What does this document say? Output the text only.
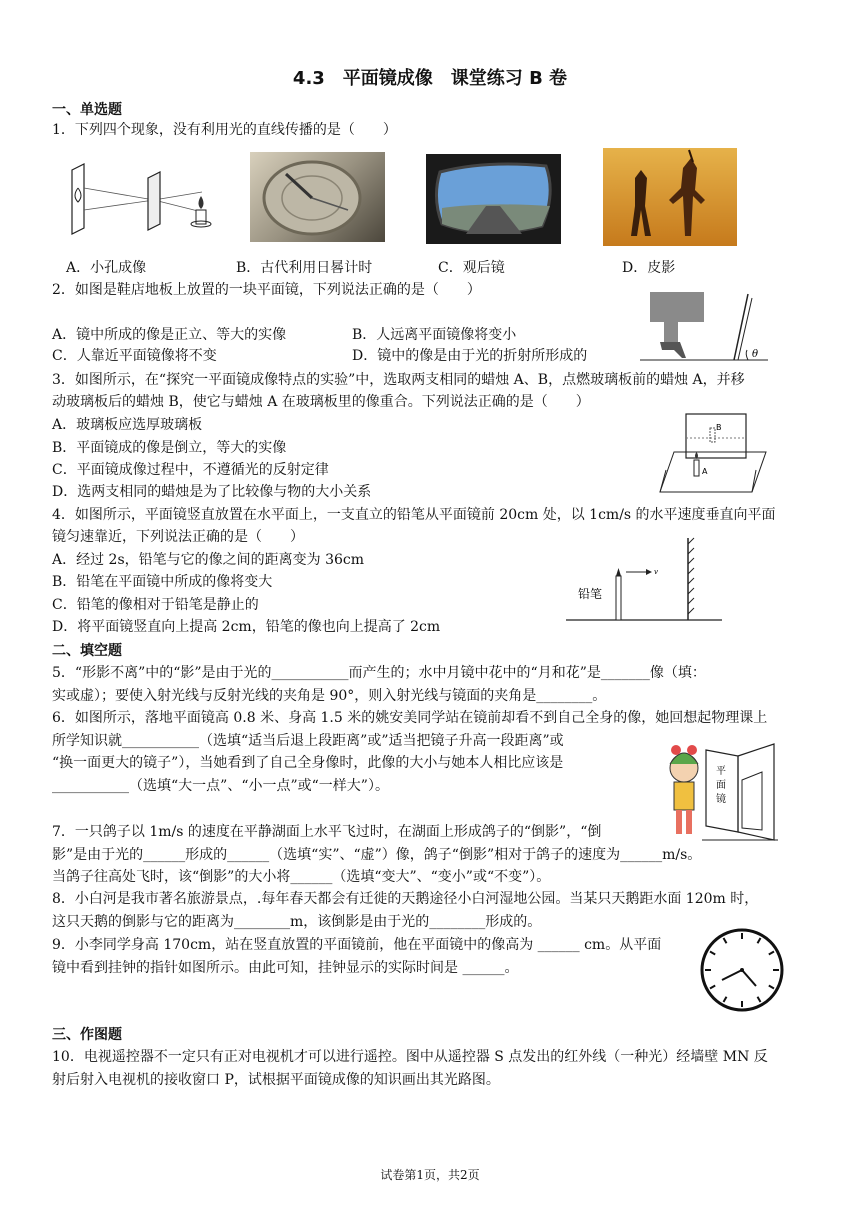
4.3　平面镜成像　课堂练习 B 卷
一、单选题
1．下列四个现象，没有利用光的直线传播的是（　　）
A．小孔成像	B．古代利用日晷计时	C．观后镜	D．皮影
2．如图是鞋店地板上放置的一块平面镜，下列说法正确的是（　　）
A．镜中所成的像是正立、等大的实像	B．人远离平面镜像将变小
C．人靠近平面镜像将不变	D．镜中的像是由于光的折射所形成的	θ
3．如图所示，在“探究一平面镜成像特点的实验”中，选取两支相同的蜡烛 A、B，点燃玻璃板前的蜡烛 A，并移
动玻璃板后的蜡烛 B，使它与蜡烛 A 在玻璃板里的像重合。下列说法正确的是（　　）
A．玻璃板应选厚玻璃板
B．平面镜成的像是倒立，等大的实像
C．平面镜成像过程中，不遵循光的反射定律
D．选两支相同的蜡烛是为了比较像与物的大小关系
B
A
4．如图所示，平面镜竖直放置在水平面上，一支直立的铅笔从平面镜前 20cm 处，以 1cm/s 的水平速度垂直向平面
镜匀速靠近，下列说法正确的是（　　）
A．经过 2s，铅笔与它的像之间的距离变为 36cm
B．铅笔在平面镜中所成的像将变大
C．铅笔的像相对于铅笔是静止的
D．将平面镜竖直向上提高 2cm，铅笔的像也向上提高了 2cm
v
铅笔
二、填空题
5．“形影不离”中的“影”是由于光的___________而产生的；水中月镜中花中的“月和花”是_______像（填：
实或虚）；要使入射光线与反射光线的夹角是 90°，则入射光线与镜面的夹角是________。
6．如图所示，落地平面镜高 0.8 米、身高 1.5 米的姚安美同学站在镜前却看不到自己全身的像，她回想起物理课上
所学知识就___________（选填“适当后退上段距离”或”适当把镜子升高一段距离”或
“换一面更大的镜子”），当她看到了自己全身像时，此像的大小与她本人相比应该是
___________（选填“大一点”、“小一点”或“一样大”）。
平
面
镜
7．一只鸽子以 1m/s 的速度在平静湖面上水平飞过时，在湖面上形成鸽子的“倒影”，“倒
影”是由于光的______形成的______（选填“实”、“虚”）像，鸽子“倒影”相对于鸽子的速度为______m/s。
当鸽子往高处飞时，该“倒影”的大小将______（选填“变大”、“变小”或“不变”）。
8．小白河是我市著名旅游景点，.每年春天都会有迁徙的天鹅途径小白河湿地公园。当某只天鹅距水面 120m 时，
这只天鹅的倒影与它的距离为________m，该倒影是由于光的________形成的。
9．小李同学身高 170cm，站在竖直放置的平面镜前，他在平面镜中的像高为 ______ cm。从平面
镜中看到挂钟的指针如图所示。由此可知，挂钟显示的实际时间是 ______。
三、作图题
10．电视遥控器不一定只有正对电视机才可以进行遥控。图中从遥控器 S 点发出的红外线（一种光）经墙壁 MN 反
射后射入电视机的接收窗口 P，试根据平面镜成像的知识画出其光路图。
试卷第1页，共2页
